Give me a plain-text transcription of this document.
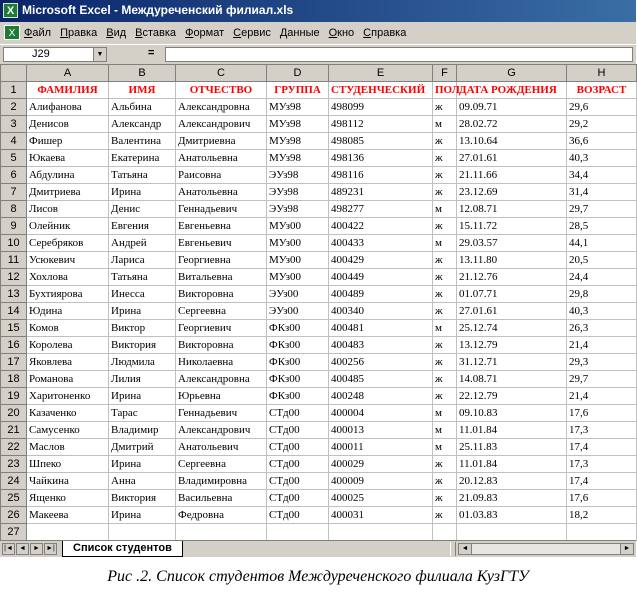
X Microsoft Excel - Междуреченский филиал.xls
X Файл Правка Вид Вставка Формат Сервис Данные Окно Справка
J29	▼	=
	A	B	C	D	E	F	G	H
1	ФАМИЛИЯ	ИМЯ	ОТЧЕСТВО	ГРУППА	СТУДЕНЧЕСКИЙ	ПОЛ	ДАТА РОЖДЕНИЯ	ВОЗРАСТ
2	Алифанова	Альбина	Александровна	МУз98	498099	ж	09.09.71	29,6
3	Денисов	Александр	Александрович	МУз98	498112	м	28.02.72	29,2
4	Фишер	Валентина	Дмитриевна	МУз98	498085	ж	13.10.64	36,6
5	Юкаева	Екатерина	Анатольевна	МУз98	498136	ж	27.01.61	40,3
6	Абдулина	Татьяна	Раисовна	ЭУз98	498116	ж	21.11.66	34,4
7	Дмитриева	Ирина	Анатольевна	ЭУз98	489231	ж	23.12.69	31,4
8	Лисов	Денис	Геннадьевич	ЭУз98	498277	м	12.08.71	29,7
9	Олейник	Евгения	Евгеньевна	МУз00	400422	ж	15.11.72	28,5
10	Серебряков	Андрей	Евгеньевич	МУз00	400433	м	29.03.57	44,1
11	Усюкевич	Лариса	Георгиевна	МУз00	400429	ж	13.11.80	20,5
12	Хохлова	Татьяна	Витальевна	МУз00	400449	ж	21.12.76	24,4
13	Бухтиярова	Инесса	Викторовна	ЭУз00	400489	ж	01.07.71	29,8
14	Юдина	Ирина	Сергеевна	ЭУз00	400340	ж	27.01.61	40,3
15	Комов	Виктор	Георгиевич	ФКз00	400481	м	25.12.74	26,3
16	Королева	Виктория	Викторовна	ФКз00	400483	ж	13.12.79	21,4
17	Яковлева	Людмила	Николаевна	ФКз00	400256	ж	31.12.71	29,3
18	Романова	Лилия	Александровна	ФКз00	400485	ж	14.08.71	29,7
19	Харитоненко	Ирина	Юрьевна	ФКз00	400248	ж	22.12.79	21,4
20	Казаченко	Тарас	Геннадьевич	СТд00	400004	м	09.10.83	17,6
21	Самусенко	Владимир	Александрович	СТд00	400013	м	11.01.84	17,3
22	Маслов	Дмитрий	Анатольевич	СТд00	400011	м	25.11.83	17,4
23	Шпеко	Ирина	Сергеевна	СТд00	400029	ж	11.01.84	17,3
24	Чайкина	Анна	Владимировна	СТд00	400009	ж	20.12.83	17,4
25	Ященко	Виктория	Васильевна	СТд00	400025	ж	21.09.83	17,6
26	Макеева	Ирина	Федровна	СТд00	400031	ж	01.03.83	18,2
27								
|◄ ◄	► ►|	Список студентов	◄	►
Рис .2. Список студентов Междуреченского филиала КузГТУ
